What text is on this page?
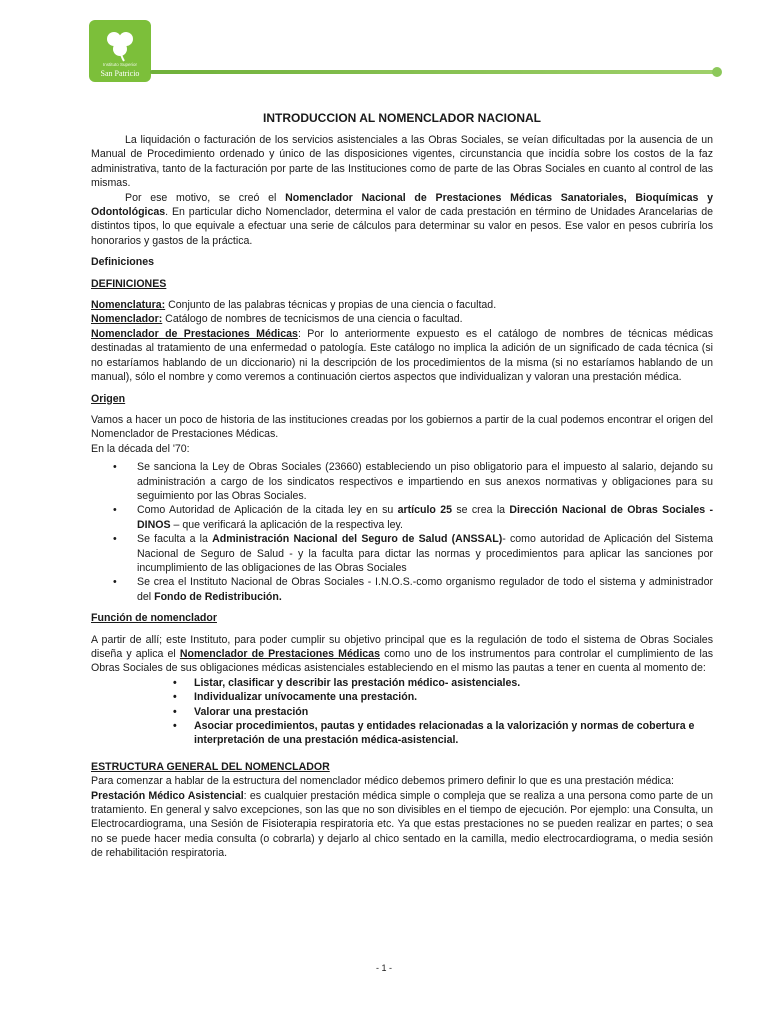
Instituto Superior
San Patricio
INTRODUCCION AL NOMENCLADOR NACIONAL

La liquidación o facturación de los servicios asistenciales a las Obras Sociales, se veían dificultadas por la ausencia de un Manual de Procedimiento ordenado y único de las disposiciones vigentes, circunstancia que incidía sobre los costos de la faz administrativa, tanto de la facturación por parte de las Instituciones como de parte de las Obras Sociales en cuanto al control de las mismas.

Por ese motivo, se creó el Nomenclador Nacional de Prestaciones Médicas Sanatoriales, Bioquímicas y Odontológicas. En particular dicho Nomenclador, determina el valor de cada prestación en término de Unidades Arancelarias de distintos tipos, lo que equivale a efectuar una serie de cálculos para determinar su valor en pesos. Ese valor en pesos cubriría los honorarios y gastos de la práctica.

Definiciones

DEFINICIONES

Nomenclatura: Conjunto de las palabras técnicas y propias de una ciencia o facultad.

Nomenclador: Catálogo de nombres de tecnicismos de una ciencia o facultad.

Nomenclador de Prestaciones Médicas: Por lo anteriormente expuesto es el catálogo de nombres de técnicas médicas destinadas al tratamiento de una enfermedad o patología. Este catálogo no implica la adición de un significado de cada técnica (si no estaríamos hablando de un diccionario) ni la descripción de los procedimientos de la misma (si no estaríamos hablando de un manual), sólo el nombre y como veremos a continuación ciertos aspectos que individualizan y valoran una prestación médica.

Origen

Vamos a hacer un poco de historia de las instituciones creadas por los gobiernos a partir de la cual podemos encontrar el origen del Nomenclador de Prestaciones Médicas.

En la década del '70:

• Se sanciona la Ley de Obras Sociales (23660) estableciendo un piso obligatorio para el impuesto al salario, dejando su administración a cargo de los sindicatos respectivos e impartiendo en sus anexos normativas y obligaciones para su seguimiento por las Obras Sociales.
• Como Autoridad de Aplicación de la citada ley en su artículo 25 se crea la Dirección Nacional de Obras Sociales - DINOS – que verificará la aplicación de la respectiva ley.
• Se faculta a la Administración Nacional del Seguro de Salud (ANSSAL)- como autoridad de Aplicación del Sistema Nacional de Seguro de Salud - y la faculta para dictar las normas y procedimientos para aplicar las sanciones por incumplimiento de las obligaciones de las Obras Sociales
• Se crea el Instituto Nacional de Obras Sociales - I.N.O.S.-como organismo regulador de todo el sistema y administrador del Fondo de Redistribución.

Función de nomenclador

A partir de allí; este Instituto, para poder cumplir su objetivo principal que es la regulación de todo el sistema de Obras Sociales diseña y aplica el Nomenclador de Prestaciones Médicas como uno de los instrumentos para controlar el cumplimiento de las Obras Sociales de sus obligaciones médicas asistenciales estableciendo en el mismo las pautas a tener en cuenta al momento de:

• Listar, clasificar y describir las prestación médico- asistenciales.
• Individualizar unívocamente una prestación.
• Valorar una prestación
• Asociar procedimientos, pautas y entidades relacionadas a la valorización y normas de cobertura e interpretación de una prestación médica-asistencial.

ESTRUCTURA GENERAL DEL NOMENCLADOR

Para comenzar a hablar de la estructura del nomenclador médico debemos primero definir lo que es una prestación médica:

Prestación Médico Asistencial: es cualquier prestación médica simple o compleja que se realiza a una persona como parte de un tratamiento. En general y salvo excepciones, son las que no son divisibles en el tiempo de ejecución. Por ejemplo: una Consulta, un Electrocardiograma, una Sesión de Fisioterapia respiratoria etc. Ya que estas prestaciones no se pueden realizar en partes; o sea no se puede hacer media consulta (o cobrarla) y dejarlo al chico sentado en la camilla, medio electrocardiograma, o media sesión de rehabilitación respiratoria.

- 1 -
